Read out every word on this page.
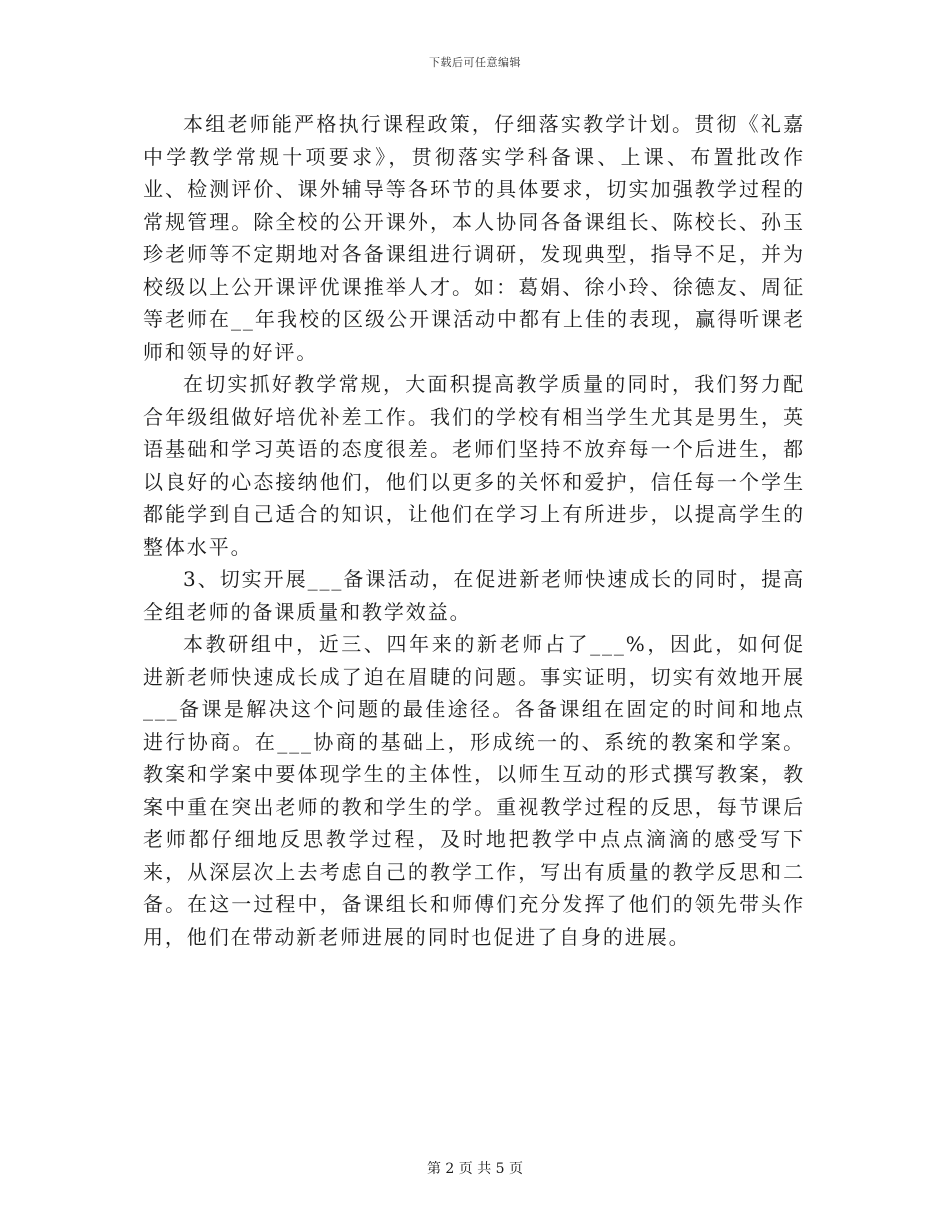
下载后可任意编辑

本组老师能严格执行课程政策，仔细落实教学计划。贯彻《礼嘉中学教学常规十项要求》，贯彻落实学科备课、上课、布置批改作业、检测评价、课外辅导等各环节的具体要求，切实加强教学过程的常规管理。除全校的公开课外，本人协同各备课组长、陈校长、孙玉珍老师等不定期地对各备课组进行调研，发现典型，指导不足，并为校级以上公开课评优课推举人才。如：葛娟、徐小玲、徐德友、周征等老师在__年我校的区级公开课活动中都有上佳的表现，赢得听课老师和领导的好评。

在切实抓好教学常规，大面积提高教学质量的同时，我们努力配合年级组做好培优补差工作。我们的学校有相当学生尤其是男生，英语基础和学习英语的态度很差。老师们坚持不放弃每一个后进生，都以良好的心态接纳他们，他们以更多的关怀和爱护，信任每一个学生都能学到自己适合的知识，让他们在学习上有所进步，以提高学生的整体水平。

3、切实开展___备课活动，在促进新老师快速成长的同时，提高全组老师的备课质量和教学效益。

本教研组中，近三、四年来的新老师占了___%，因此，如何促进新老师快速成长成了迫在眉睫的问题。事实证明，切实有效地开展___备课是解决这个问题的最佳途径。各备课组在固定的时间和地点进行协商。在___协商的基础上，形成统一的、系统的教案和学案。教案和学案中要体现学生的主体性，以师生互动的形式撰写教案，教案中重在突出老师的教和学生的学。重视教学过程的反思，每节课后老师都仔细地反思教学过程，及时地把教学中点点滴滴的感受写下来，从深层次上去考虑自己的教学工作，写出有质量的教学反思和二备。在这一过程中，备课组长和师傅们充分发挥了他们的领先带头作用，他们在带动新老师进展的同时也促进了自身的进展。

第 2 页 共 5 页
